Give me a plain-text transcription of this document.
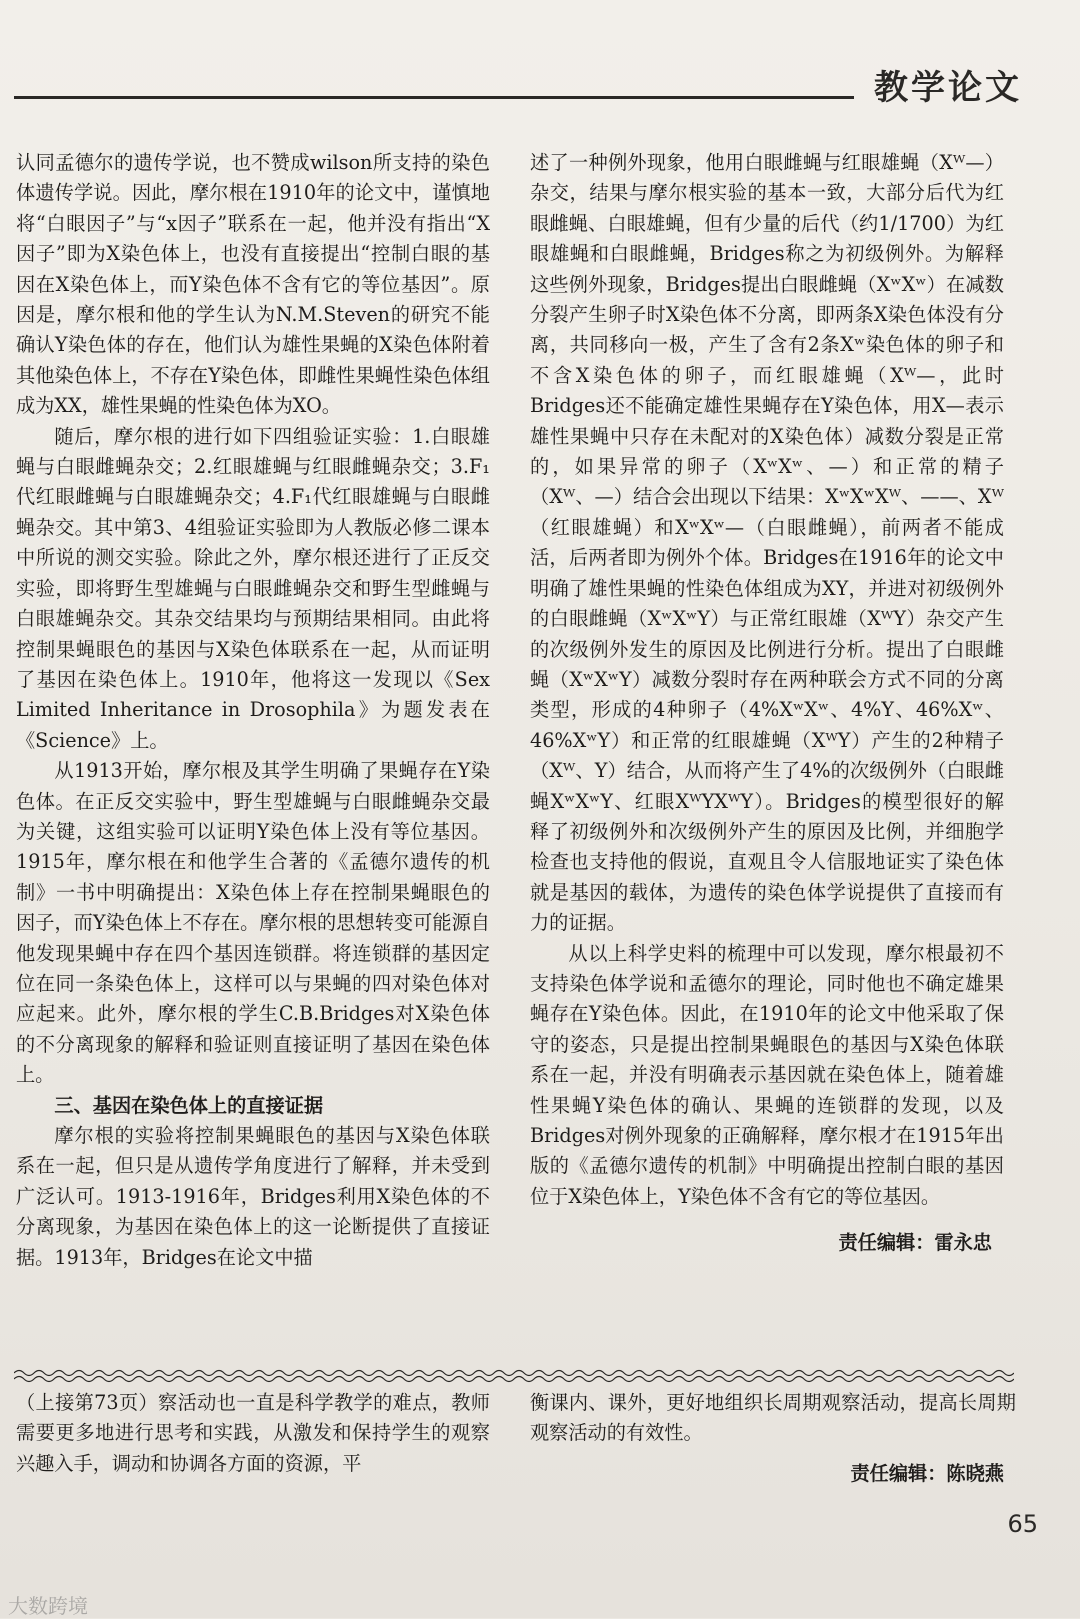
教学论文

认同孟德尔的遗传学说，也不赞成wilson所支持的染色体遗传学说。因此，摩尔根在1910年的论文中，谨慎地将“白眼因子”与“x因子”联系在一起，他并没有指出“X因子”即为X染色体上，也没有直接提出“控制白眼的基因在X染色体上，而Y染色体不含有它的等位基因”。原因是，摩尔根和他的学生认为N.M.Steven的研究不能确认Y染色体的存在，他们认为雄性果蝇的X染色体附着其他染色体上，不存在Y染色体，即雌性果蝇性染色体组成为XX，雄性果蝇的性染色体为XO。

随后，摩尔根的进行如下四组验证实验：1.白眼雄蝇与白眼雌蝇杂交；2.红眼雄蝇与红眼雌蝇杂交；3.F₁代红眼雌蝇与白眼雄蝇杂交；4.F₁代红眼雄蝇与白眼雌蝇杂交。其中第3、4组验证实验即为人教版必修二课本中所说的测交实验。除此之外，摩尔根还进行了正反交实验，即将野生型雄蝇与白眼雌蝇杂交和野生型雌蝇与白眼雄蝇杂交。其杂交结果均与预期结果相同。由此将控制果蝇眼色的基因与X染色体联系在一起，从而证明了基因在染色体上。1910年，他将这一发现以《Sex Limited Inheritance in Drosophila》为题发表在《Science》上。

从1913开始，摩尔根及其学生明确了果蝇存在Y染色体。在正反交实验中，野生型雄蝇与白眼雌蝇杂交最为关键，这组实验可以证明Y染色体上没有等位基因。1915年，摩尔根在和他学生合著的《孟德尔遗传的机制》一书中明确提出：X染色体上存在控制果蝇眼色的因子，而Y染色体上不存在。摩尔根的思想转变可能源自他发现果蝇中存在四个基因连锁群。将连锁群的基因定位在同一条染色体上，这样可以与果蝇的四对染色体对应起来。此外，摩尔根的学生C.B.Bridges对X染色体的不分离现象的解释和验证则直接证明了基因在染色体上。

三、基因在染色体上的直接证据

摩尔根的实验将控制果蝇眼色的基因与X染色体联系在一起，但只是从遗传学角度进行了解释，并未受到广泛认可。1913-1916年，Bridges利用X染色体的不分离现象，为基因在染色体上的这一论断提供了直接证据。1913年，Bridges在论文中描

述了一种例外现象，他用白眼雌蝇与红眼雄蝇（Xᵂ—）杂交，结果与摩尔根实验的基本一致，大部分后代为红眼雌蝇、白眼雄蝇，但有少量的后代（约1/1700）为红眼雄蝇和白眼雌蝇，Bridges称之为初级例外。为解释这些例外现象，Bridges提出白眼雌蝇（XʷXʷ）在减数分裂产生卵子时X染色体不分离，即两条X染色体没有分离，共同移向一极，产生了含有2条Xʷ染色体的卵子和不含X染色体的卵子，而红眼雄蝇（Xᵂ—，此时Bridges还不能确定雄性果蝇存在Y染色体，用X—表示雄性果蝇中只存在未配对的X染色体）减数分裂是正常的，如果异常的卵子（XʷXʷ、—）和正常的精子（Xᵂ、—）结合会出现以下结果：XʷXʷXᵂ、——、Xᵂ（红眼雄蝇）和XʷXʷ—（白眼雌蝇），前两者不能成活，后两者即为例外个体。Bridges在1916年的论文中明确了雄性果蝇的性染色体组成为XY，并进对初级例外的白眼雌蝇（XʷXʷY）与正常红眼雄（XᵂY）杂交产生的次级例外发生的原因及比例进行分析。提出了白眼雌蝇（XʷXʷY）减数分裂时存在两种联会方式不同的分离类型，形成的4种卵子（4%XʷXʷ、4%Y、46%Xʷ、46%XʷY）和正常的红眼雄蝇（XᵂY）产生的2种精子（Xᵂ、Y）结合，从而将产生了4%的次级例外（白眼雌蝇XʷXʷY、红眼XᵂYXᵂY）。Bridges的模型很好的解释了初级例外和次级例外产生的原因及比例，并细胞学检查也支持他的假说，直观且令人信服地证实了染色体就是基因的载体，为遗传的染色体学说提供了直接而有力的证据。

从以上科学史料的梳理中可以发现，摩尔根最初不支持染色体学说和孟德尔的理论，同时他也不确定雄果蝇存在Y染色体。因此，在1910年的论文中他采取了保守的姿态，只是提出控制果蝇眼色的基因与X染色体联系在一起，并没有明确表示基因就在染色体上，随着雄性果蝇Y染色体的确认、果蝇的连锁群的发现，以及Bridges对例外现象的正确解释，摩尔根才在1915年出版的《孟德尔遗传的机制》中明确提出控制白眼的基因位于X染色体上，Y染色体不含有它的等位基因。

责任编辑：雷永忠

（上接第73页）察活动也一直是科学教学的难点，教师需要更多地进行思考和实践，从激发和保持学生的观察兴趣入手，调动和协调各方面的资源，平

衡课内、课外，更好地组织长周期观察活动，提高长周期观察活动的有效性。

责任编辑：陈晓燕
65
大数跨境
